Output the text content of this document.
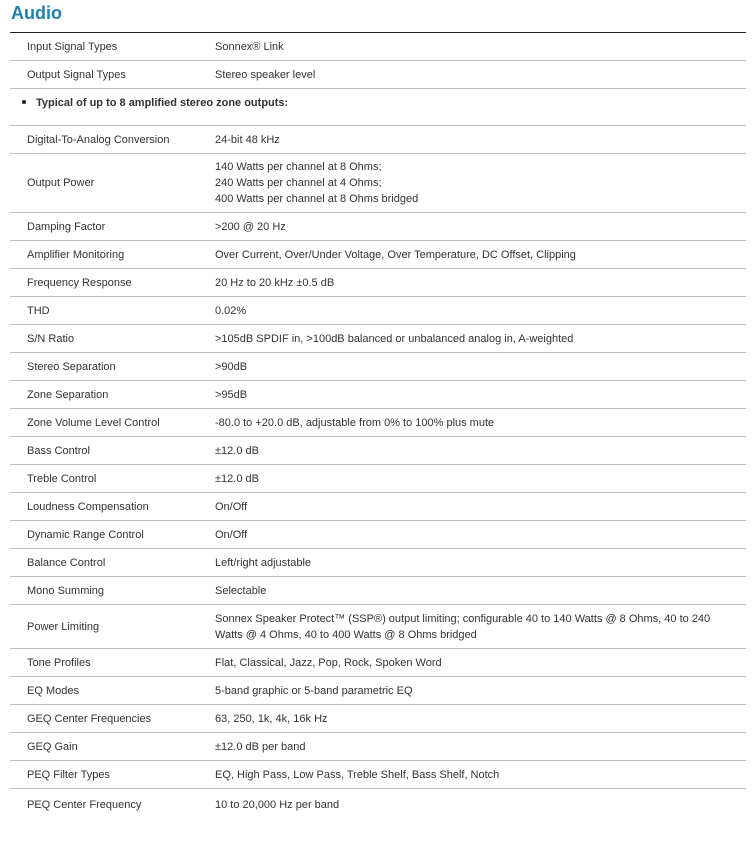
Audio
Input Signal Types	Sonnex® Link
Output Signal Types	Stereo speaker level
Typical of up to 8 amplified stereo zone outputs:	
Digital-To-Analog Conversion	24-bit 48 kHz
Output Power	140 Watts per channel at 8 Ohms;
240 Watts per channel at 4 Ohms;
400 Watts per channel at 8 Ohms bridged

Damping Factor	>200 @ 20 Hz
Amplifier Monitoring	Over Current, Over/Under Voltage, Over Temperature, DC Offset, Clipping
Frequency Response	20 Hz to 20 kHz ±0.5 dB
THD	0.02%
S/N Ratio	>105dB SPDIF in, >100dB balanced or unbalanced analog in, A-weighted
Stereo Separation	>90dB
Zone Separation	>95dB
Zone Volume Level Control	-80.0 to +20.0 dB, adjustable from 0% to 100% plus mute
Bass Control	±12.0 dB
Treble Control	±12.0 dB
Loudness Compensation	On/Off
Dynamic Range Control	On/Off
Balance Control	Left/right adjustable
Mono Summing	Selectable
Power Limiting	Sonnex Speaker Protect™ (SSP®) output limiting; configurable 40 to 140 Watts @ 8 Ohms, 40 to 240
Watts @ 4 Ohms, 40 to 400 Watts @ 8 Ohms bridged

Tone Profiles	Flat, Classical, Jazz, Pop, Rock, Spoken Word
EQ Modes	5-band graphic or 5-band parametric EQ
GEQ Center Frequencies	63, 250, 1k, 4k, 16k Hz
GEQ Gain	±12.0 dB per band
PEQ Filter Types	EQ, High Pass, Low Pass, Treble Shelf, Bass Shelf, Notch
PEQ Center Frequency	10 to 20,000 Hz per band
